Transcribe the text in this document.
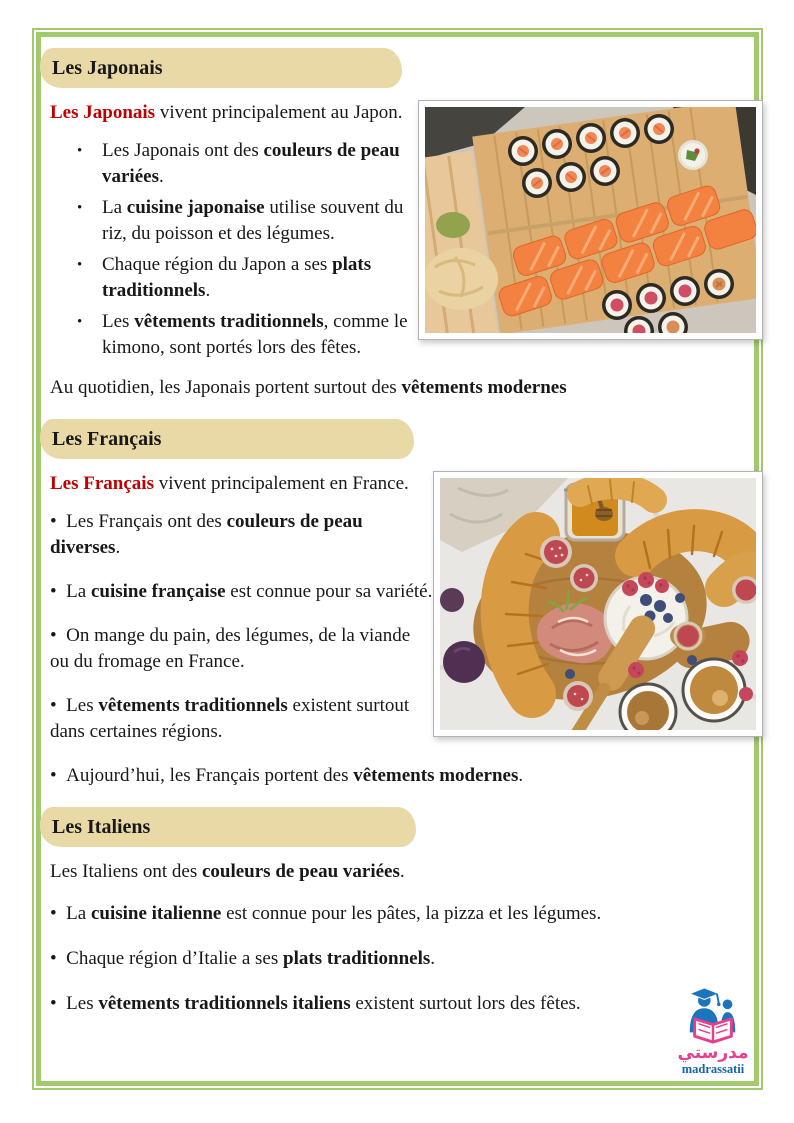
Les Japonais

Les Japonais vivent principalement au Japon.

• Les Japonais ont des couleurs de peau variées.
• La cuisine japonaise utilise souvent du riz, du poisson et des légumes.
• Chaque région du Japon a ses plats traditionnels.
• Les vêtements traditionnels, comme le kimono, sont portés lors des fêtes.

Au quotidien, les Japonais portent surtout des vêtements modernes

Les Français

Les Français vivent principalement en France.

•  Les Français ont des couleurs de peau diverses.
•  La cuisine française est connue pour sa variété.
•  On mange du pain, des légumes, de la viande ou du fromage en France.
•  Les vêtements traditionnels existent surtout dans certaines régions.
•  Aujourd’hui, les Français portent des vêtements modernes.
Les Italiens

Les Italiens ont des couleurs de peau variées.

•  La cuisine italienne est connue pour les pâtes, la pizza et les légumes.
•  Chaque région d’Italie a ses plats traditionnels.
•  Les vêtements traditionnels italiens existent surtout lors des fêtes.
مدرستي
madrassatii
